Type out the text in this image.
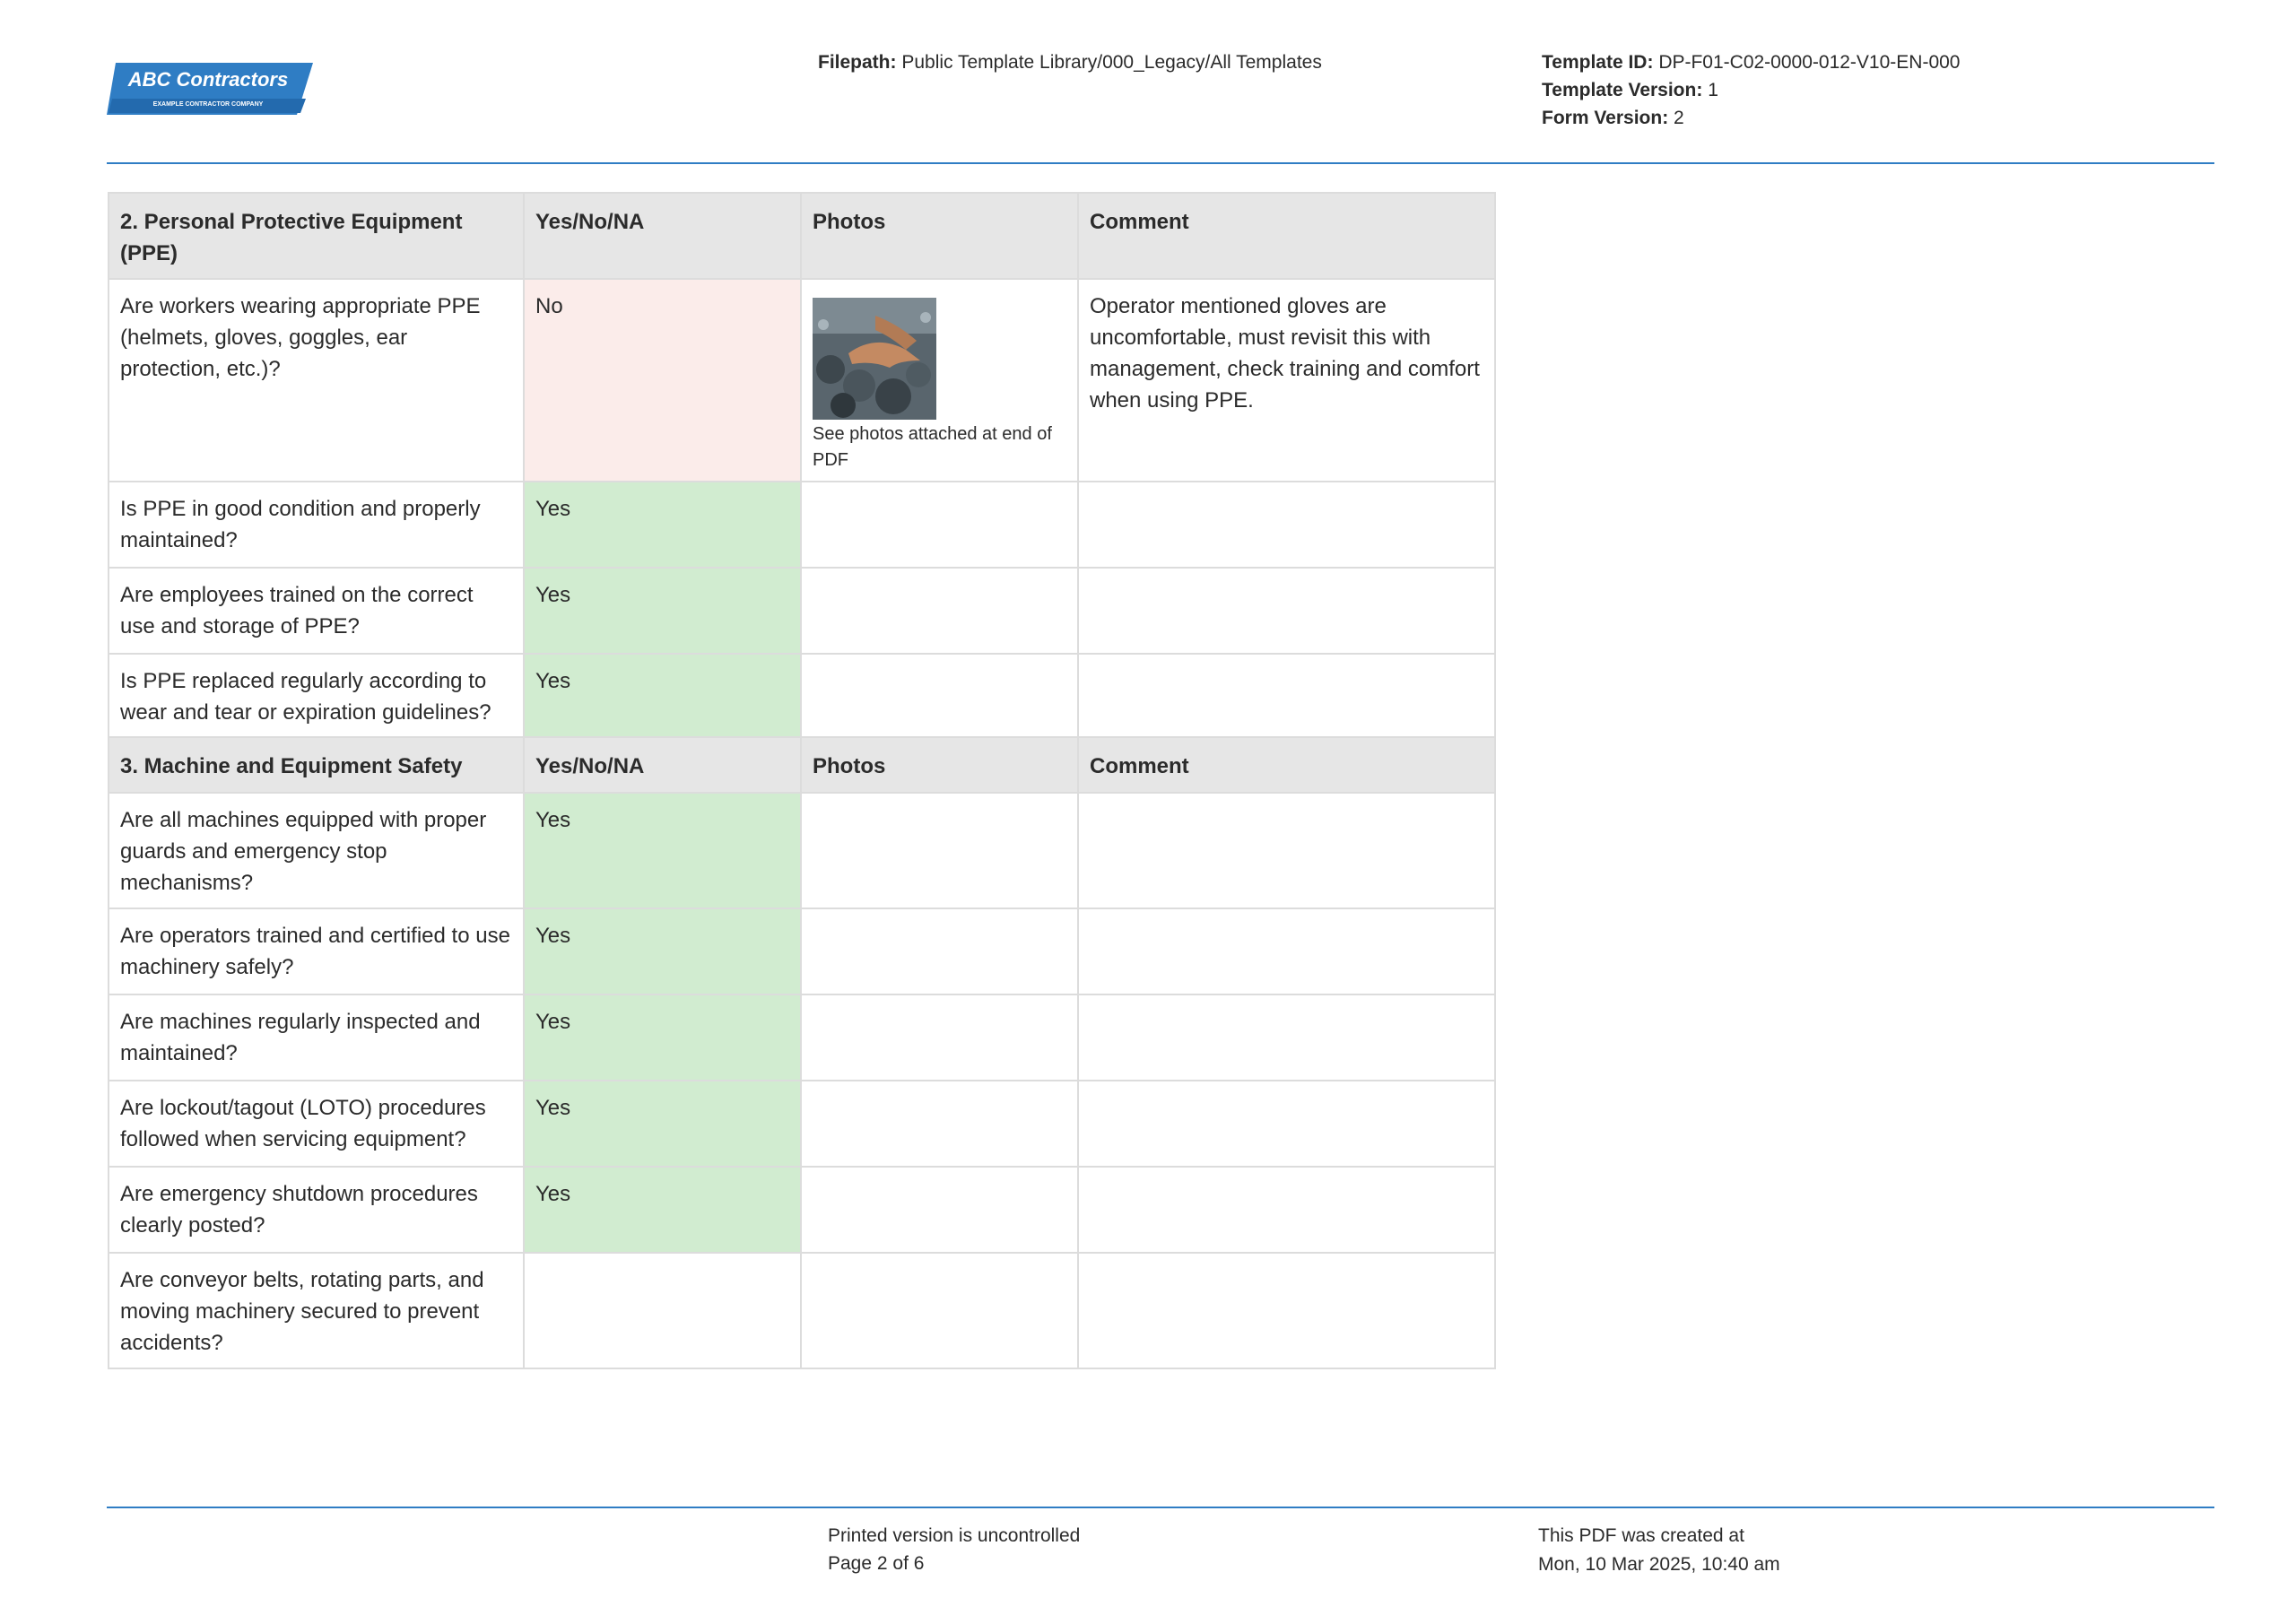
ABC Contractors
EXAMPLE CONTRACTOR COMPANY
Filepath: Public Template Library/000_Legacy/All Templates	Template ID: DP-F01-C02-0000-012-V10-EN-000
Template Version: 1
Form Version: 2
2. Personal Protective Equipment (PPE)	Yes/No/NA	Photos	Comment
Are workers wearing appropriate PPE (helmets, gloves, goggles, ear protection, etc.)?	No	See photos attached at end of PDF	Operator mentioned gloves are uncomfortable, must revisit this with management, check training and comfort when using PPE.
Is PPE in good condition and properly maintained?	Yes		
Are employees trained on the correct use and storage of PPE?	Yes		
Is PPE replaced regularly according to wear and tear or expiration guidelines?	Yes		
3. Machine and Equipment Safety	Yes/No/NA	Photos	Comment
Are all machines equipped with proper guards and emergency stop mechanisms?	Yes		
Are operators trained and certified to use machinery safely?	Yes		
Are machines regularly inspected and maintained?	Yes		
Are lockout/tagout (LOTO) procedures followed when servicing equipment?	Yes		
Are emergency shutdown procedures clearly posted?	Yes		
Are conveyor belts, rotating parts, and moving machinery secured to prevent accidents?			
Printed version is uncontrolled
Page 2 of 6
This PDF was created at
Mon, 10 Mar 2025, 10:40 am
